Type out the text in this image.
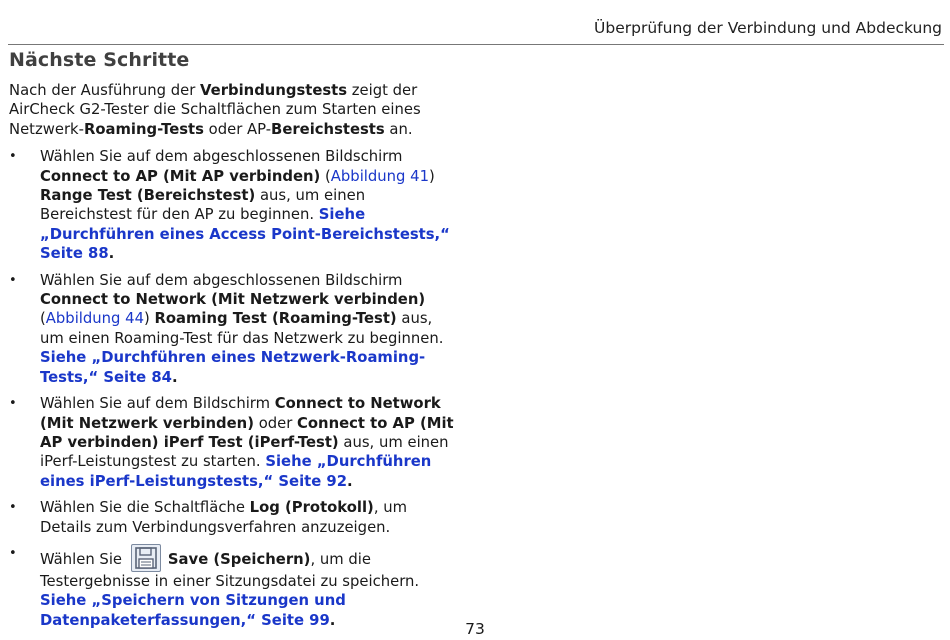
Überprüfung der Verbindung und Abdeckung
Nächste Schritte

Nach der Ausführung der Verbindungstests zeigt der AirCheck G2-Tester die Schaltflächen zum Starten eines Netzwerk-Roaming-Tests oder AP-Bereichstests an.

• Wählen Sie auf dem abgeschlossenen Bildschirm Connect to AP (Mit AP verbinden) (Abbildung 41) Range Test (Bereichstest) aus, um einen Bereichstest für den AP zu beginnen. Siehe „Durchführen eines Access Point-Bereichstests,“ Seite 88.
• Wählen Sie auf dem abgeschlossenen Bildschirm Connect to Network (Mit Netzwerk verbinden) (Abbildung 44) Roaming Test (Roaming-Test) aus, um einen Roaming-Test für das Netzwerk zu beginnen. Siehe „Durchführen eines Netzwerk-Roaming-Tests,“ Seite 84.
• Wählen Sie auf dem Bildschirm Connect to Network (Mit Netzwerk verbinden) oder Connect to AP (Mit AP verbinden) iPerf Test (iPerf-Test) aus, um einen iPerf-Leistungstest zu starten. Siehe „Durchführen eines iPerf-Leistungstests,“ Seite 92.
• Wählen Sie die Schaltfläche Log (Protokoll), um Details zum Verbindungsverfahren anzuzeigen.
• Wählen Sie  Save (Speichern), um die Testergebnisse in einer Sitzungsdatei zu speichern. Siehe „Speichern von Sitzungen und Datenpaketerfassungen,“ Seite 99.	73
